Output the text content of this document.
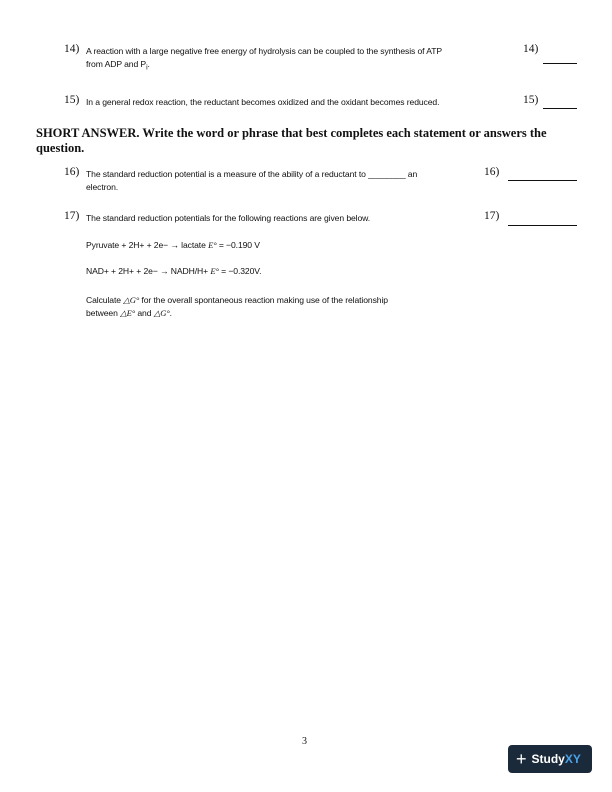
14) A reaction with a large negative free energy of hydrolysis can be coupled to the synthesis of ATP
from ADP and $P_i$.
14)
15) In a general redox reaction, the reductant becomes oxidized and the oxidant becomes reduced.	15)
SHORT ANSWER. Write the word or phrase that best completes each statement or answers the
question.
16) The standard reduction potential is a measure of the ability of a reductant to ________ an
electron.
16)
17) The standard reduction potentials for the following reactions are given below.	17)
Pyruvate + 2H+ + 2e− → lactate E° = −0.190 V
NAD+ + 2H+ + 2e− → NADH/H+ E° = −0.320V.
Calculate △G° for the overall spontaneous reaction making use of the relationship
between △E° and △G°.
3
+ StudyXY
